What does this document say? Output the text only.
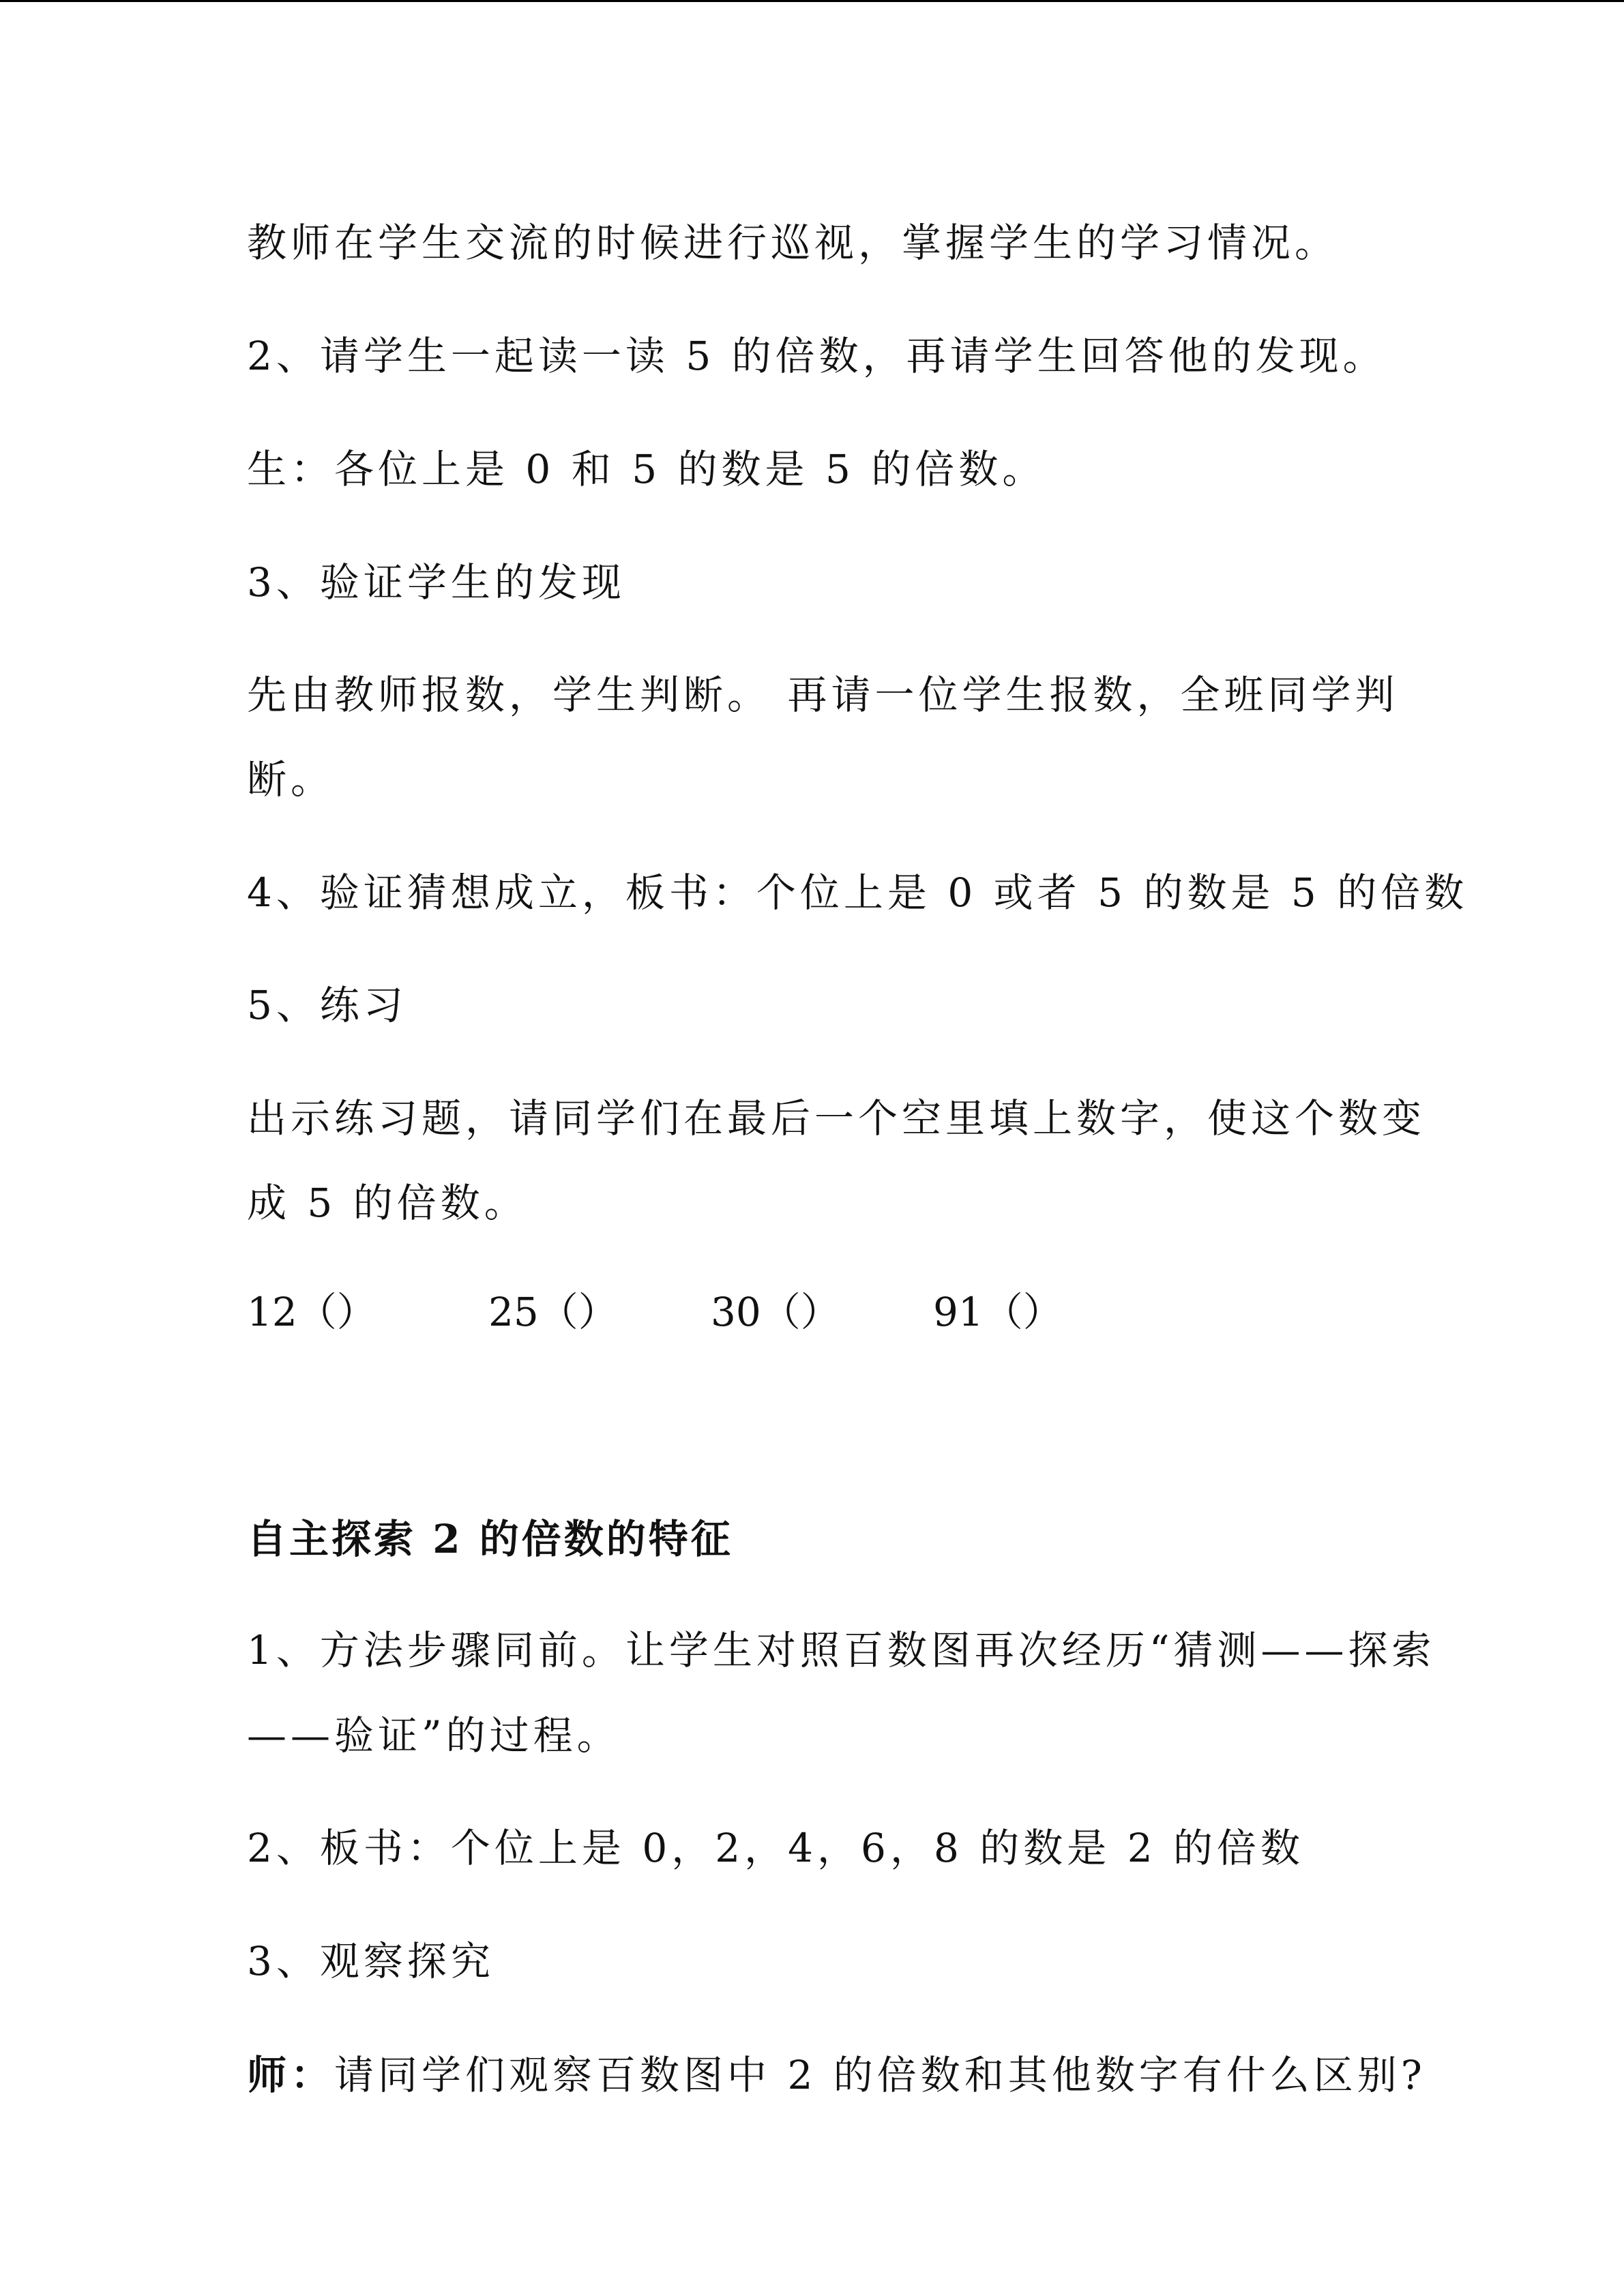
教师在学生交流的时候进行巡视，掌握学生的学习情况。
2、请学生一起读一读 5 的倍数，再请学生回答他的发现。
生：各位上是 0 和 5 的数是 5 的倍数。
3、验证学生的发现
先由教师报数，学生判断。 再请一位学生报数，全班同学判
断。
4、验证猜想成立，板书：个位上是 0 或者 5 的数是 5 的倍数
5、练习
出示练习题，请同学们在最后一个空里填上数字，使这个数变
成 5 的倍数。
12（）	25（） 30（） 91（）
自主探索 2 的倍数的特征
1、方法步骤同前。让学生对照百数图再次经历“猜测——探索
——验证”的过程。
2、板书：个位上是 0，2，4，6，8 的数是 2 的倍数
3、观察探究
师：请同学们观察百数图中 2 的倍数和其他数字有什么区别?
